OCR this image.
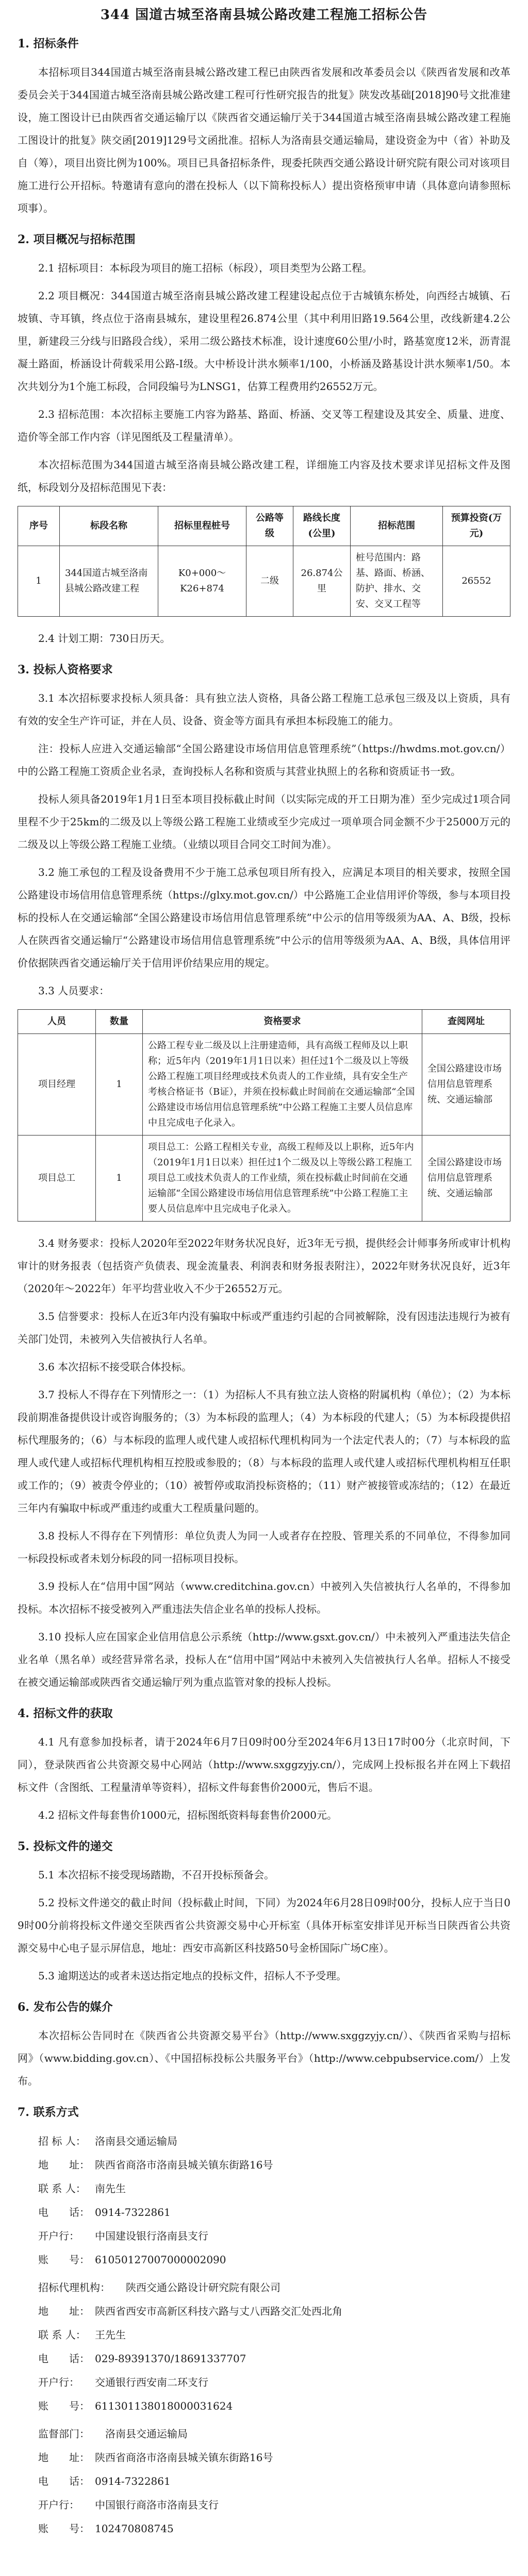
344 国道古城至洛南县城公路改建工程施工招标公告
1. 招标条件

本招标项目344国道古城至洛南县城公路改建工程已由陕西省发展和改革委员会以《陕西省发展和改革委员会关于344国道古城至洛南县城公路改建工程可行性研究报告的批复》陕发改基础[2018]90号文批准建设，施工图设计已由陕西省交通运输厅以《陕西省交通运输厅关于344国道古城至洛南县城公路改建工程施工图设计的批复》陕交函[2019]129号文函批准。招标人为洛南县交通运输局，建设资金为中（省）补助及自（筹），项目出资比例为100%。项目已具备招标条件，现委托陕西交通公路设计研究院有限公司对该项目施工进行公开招标。特邀请有意向的潜在投标人（以下简称投标人）提出资格预审申请（具体意向请参照标项事）。

2. 项目概况与招标范围

2.1 招标项目：本标段为项目的施工招标（标段），项目类型为公路工程。

2.2 项目概况：344国道古城至洛南县城公路改建工程建设起点位于古城镇东桥处，向西经古城镇、石坡镇、寺耳镇，终点位于洛南县城东，建设里程26.874公里（其中利用旧路19.564公里，改线新建4.2公里，新建段三分线与旧路段合线），采用二级公路技术标准，设计速度60公里/小时，路基宽度12米，沥青混凝土路面，桥涵设计荷载采用公路-I级。大中桥设计洪水频率1/100，小桥涵及路基设计洪水频率1/50。本次共划分为1个施工标段，合同段编号为LNSG1，估算工程费用约26552万元。

2.3 招标范围：本次招标主要施工内容为路基、路面、桥涵、交叉等工程建设及其安全、质量、进度、造价等全部工作内容（详见图纸及工程量清单）。

本次招标范围为344国道古城至洛南县城公路改建工程，详细施工内容及技术要求详见招标文件及图纸，标段划分及招标范围见下表：

序号	标段名称	招标里程桩号	公路等级	路线长度(公里)	招标范围	预算投资(万元)
1	344国道古城至洛南县城公路改建工程	K0+000～K26+874	二级	26.874公里	桩号范围内：路基、路面、桥涵、防护、排水、交安、交叉工程等	26552

2.4 计划工期：730日历天。

3. 投标人资格要求

3.1 本次招标要求投标人须具备：具有独立法人资格，具备公路工程施工总承包三级及以上资质，具有有效的安全生产许可证，并在人员、设备、资金等方面具有承担本标段施工的能力。

注：投标人应进入交通运输部“全国公路建设市场信用信息管理系统”（https://hwdms.mot.gov.cn/）中的公路工程施工资质企业名录，查询投标人名称和资质与其营业执照上的名称和资质证书一致。

投标人须具备2019年1月1日至本项目投标截止时间（以实际完成的开工日期为准）至少完成过1项合同里程不少于25km的二级及以上等级公路工程施工业绩或至少完成过一项单项合同金额不少于25000万元的二级及以上等级公路工程施工业绩。（业绩以项目合同交工时间为准）。

3.2 施工承包的工程及设备费用不少于施工总承包项目所有投入，应满足本项目的相关要求，按照全国公路建设市场信用信息管理系统（https://glxy.mot.gov.cn/）中公路施工企业信用评价等级，参与本项目投标的投标人在交通运输部“全国公路建设市场信用信息管理系统”中公示的信用等级须为AA、A、B级，投标人在陕西省交通运输厅“公路建设市场信用信息管理系统”中公示的信用等级须为AA、A、B级，具体信用评价依据陕西省交通运输厅关于信用评价结果应用的规定。

3.3 人员要求：

人员	数量	资格要求	查阅网址
项目经理	1	公路工程专业二级及以上注册建造师，具有高级工程师及以上职称；近5年内（2019年1月1日以来）担任过1个二级及以上等级公路工程施工项目经理或技术负责人的工作业绩，具有安全生产考核合格证书（B证），并须在投标截止时间前在交通运输部“全国公路建设市场信用信息管理系统”中公路工程施工主要人员信息库中且完成电子化录入。	全国公路建设市场信用信息管理系统、交通运输部
项目总工	1	项目总工：公路工程相关专业，高级工程师及以上职称，近5年内（2019年1月1日以来）担任过1个二级及以上等级公路工程施工项目总工或技术负责人的工作业绩，须在投标截止时间前在交通运输部“全国公路建设市场信用信息管理系统”中公路工程施工主要人员信息库中且完成电子化录入。	全国公路建设市场信用信息管理系统、交通运输部

3.4 财务要求：投标人2020年至2022年财务状况良好，近3年无亏损，提供经会计师事务所或审计机构审计的财务报表（包括资产负债表、现金流量表、利润表和财务报表附注），2022年财务状况良好，近3年（2020年～2022年）年平均营业收入不少于26552万元。

3.5 信誉要求：投标人在近3年内没有骗取中标或严重违约引起的合同被解除，没有因违法违规行为被有关部门处罚，未被列入失信被执行人名单。

3.6 本次招标不接受联合体投标。

3.7 投标人不得存在下列情形之一：（1）为招标人不具有独立法人资格的附属机构（单位）；（2）为本标段前期准备提供设计或咨询服务的；（3）为本标段的监理人；（4）为本标段的代建人；（5）为本标段提供招标代理服务的；（6）与本标段的监理人或代建人或招标代理机构同为一个法定代表人的；（7）与本标段的监理人或代建人或招标代理机构相互控股或参股的；（8）与本标段的监理人或代建人或招标代理机构相互任职或工作的；（9）被责令停业的；（10）被暂停或取消投标资格的；（11）财产被接管或冻结的；（12）在最近三年内有骗取中标或严重违约或重大工程质量问题的。

3.8 投标人不得存在下列情形：单位负责人为同一人或者存在控股、管理关系的不同单位，不得参加同一标段投标或者未划分标段的同一招标项目投标。

3.9 投标人在“信用中国”网站（www.creditchina.gov.cn）中被列入失信被执行人名单的，不得参加投标。本次招标不接受被列入严重违法失信企业名单的投标人投标。

3.10 投标人应在国家企业信用信息公示系统（http://www.gsxt.gov.cn/）中未被列入严重违法失信企业名单（黑名单）或经营异常名录，投标人在“信用中国”网站中未被列入失信被执行人名单。招标人不接受在被交通运输部或陕西省交通运输厅列为重点监管对象的投标人投标。

4. 招标文件的获取

4.1 凡有意参加投标者，请于2024年6月7日09时00分至2024年6月13日17时00分（北京时间，下同），登录陕西省公共资源交易中心网站（http://www.sxggzyjy.cn/），完成网上投标报名并在网上下载招标文件（含图纸、工程量清单等资料），招标文件每套售价2000元，售后不退。

4.2 招标文件每套售价1000元，招标图纸资料每套售价2000元。

5. 投标文件的递交

5.1 本次招标不接受现场踏勘，不召开投标预备会。

5.2 投标文件递交的截止时间（投标截止时间，下同）为2024年6月28日09时00分，投标人应于当日09时00分前将投标文件递交至陕西省公共资源交易中心开标室（具体开标室安排详见开标当日陕西省公共资源交易中心电子显示屏信息，地址：西安市高新区科技路50号金桥国际广场C座）。

5.3 逾期送达的或者未送达指定地点的投标文件，招标人不予受理。

6. 发布公告的媒介

本次招标公告同时在《陕西省公共资源交易平台》（http://www.sxggzyjy.cn/）、《陕西省采购与招标网》（www.bidding.gov.cn）、《中国招标投标公共服务平台》（http://www.cebpubservice.com/）上发布。

7. 联系方式

招 标 人： 洛南县交通运输局

地　　址： 陕西省商洛市洛南县城关镇东街路16号

联 系 人： 南先生

电　　话： 0914-7322861

开户行： 中国建设银行洛南县支行

账　　号： 61050127007000002090

招标代理机构： 陕西交通公路设计研究院有限公司

地　　址： 陕西省西安市高新区科技六路与丈八西路交汇处西北角

联 系 人： 王先生

电　　话： 029-89391370/18691337707

开户行： 交通银行西安南二环支行

账　　号： 611301138018000031624

监督部门： 洛南县交通运输局

地　　址： 陕西省商洛市洛南县城关镇东街路16号

电　　话： 0914-7322861

开户行： 中国银行商洛市洛南县支行

账　　号： 102470808745
